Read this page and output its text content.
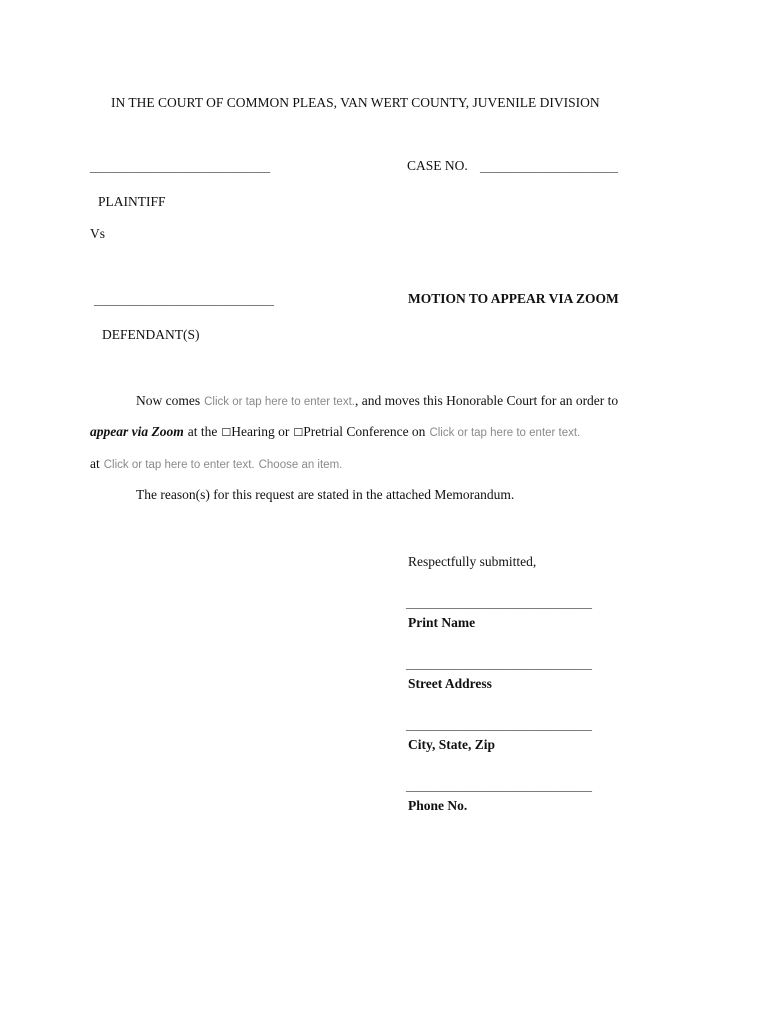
IN THE COURT OF COMMON PLEAS, VAN WERT COUNTY, JUVENILE DIVISION
______________________________	CASE NO. _______________________
PLAINTIFF
Vs
______________________________	MOTION TO APPEAR VIA ZOOM
DEFENDANT(S)
Now comes Click or tap here to enter text., and moves this Honorable Court for an order to
appear via Zoom at the ☐Hearing or ☐Pretrial Conference on Click or tap here to enter text.
at Click or tap here to enter text. Choose an item.
The reason(s) for this request are stated in the attached Memorandum.
Respectfully submitted,
_______________________________
Print Name
_______________________________
Street Address
_______________________________
City, State, Zip
_______________________________
Phone No.
